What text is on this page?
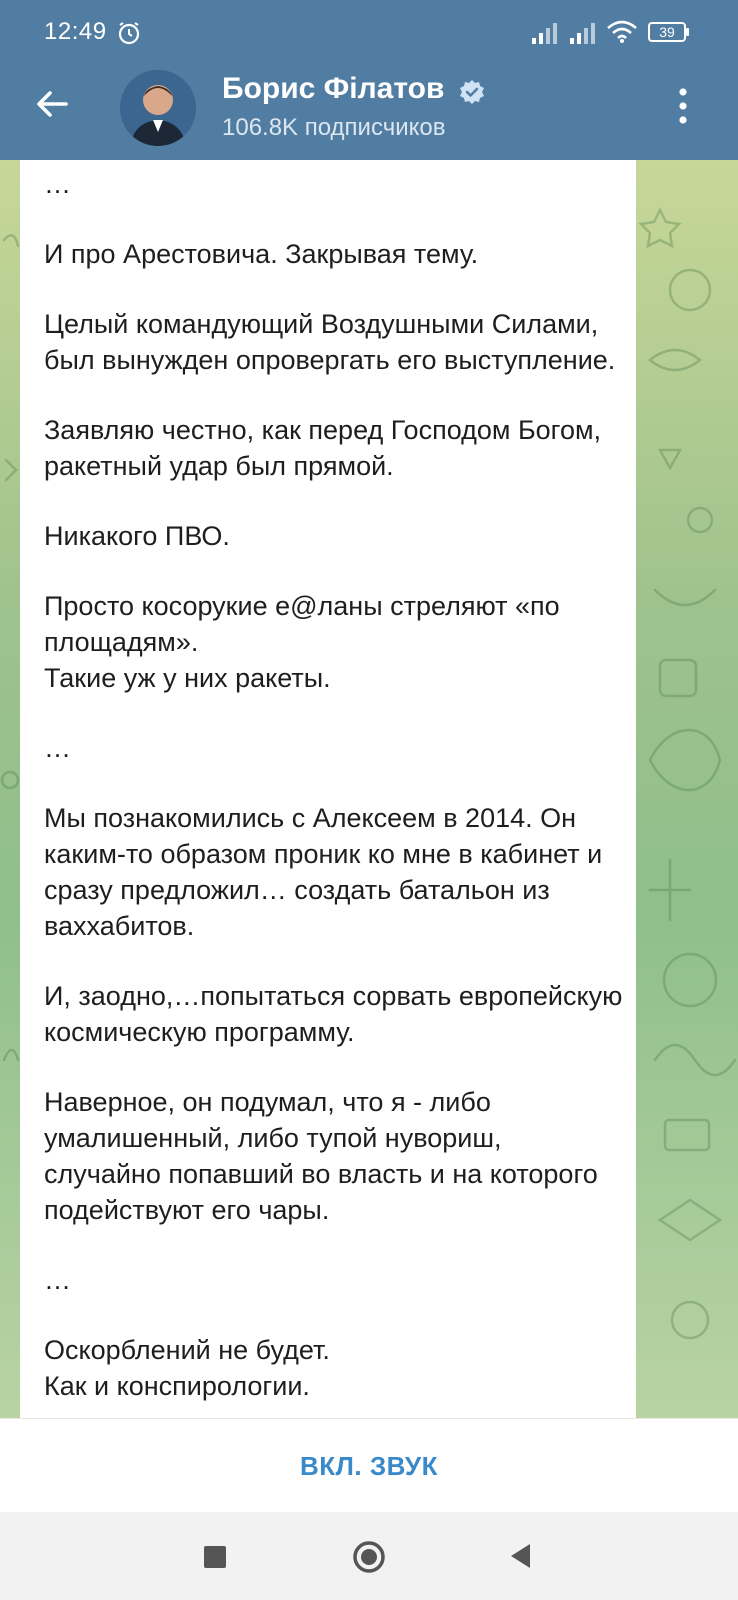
12:49	39
Борис Філатов
106.8K подписчиков

…

И про Арестовича. Закрывая тему.

Целый командующий Воздушными Силами, был вынужден опровергать его выступление.

Заявляю честно, как перед Господом Богом, ракетный удар был прямой.

Никакого ПВО.

Просто косорукие е@ланы стреляют «по площадям».
Такие уж у них ракеты.

…

Мы познакомились с Алексеем в 2014. Он каким-то образом проник ко мне в кабинет и сразу предложил… создать батальон из ваххабитов.

И, заодно,…попытаться сорвать европейскую космическую программу.

Наверное, он подумал, что я - либо умалишенный, либо тупой нувориш, случайно попавший во власть и на которого подействуют его чары.

…

Оскорблений не будет.
Как и конспирологии.

ВКЛ. ЗВУК
